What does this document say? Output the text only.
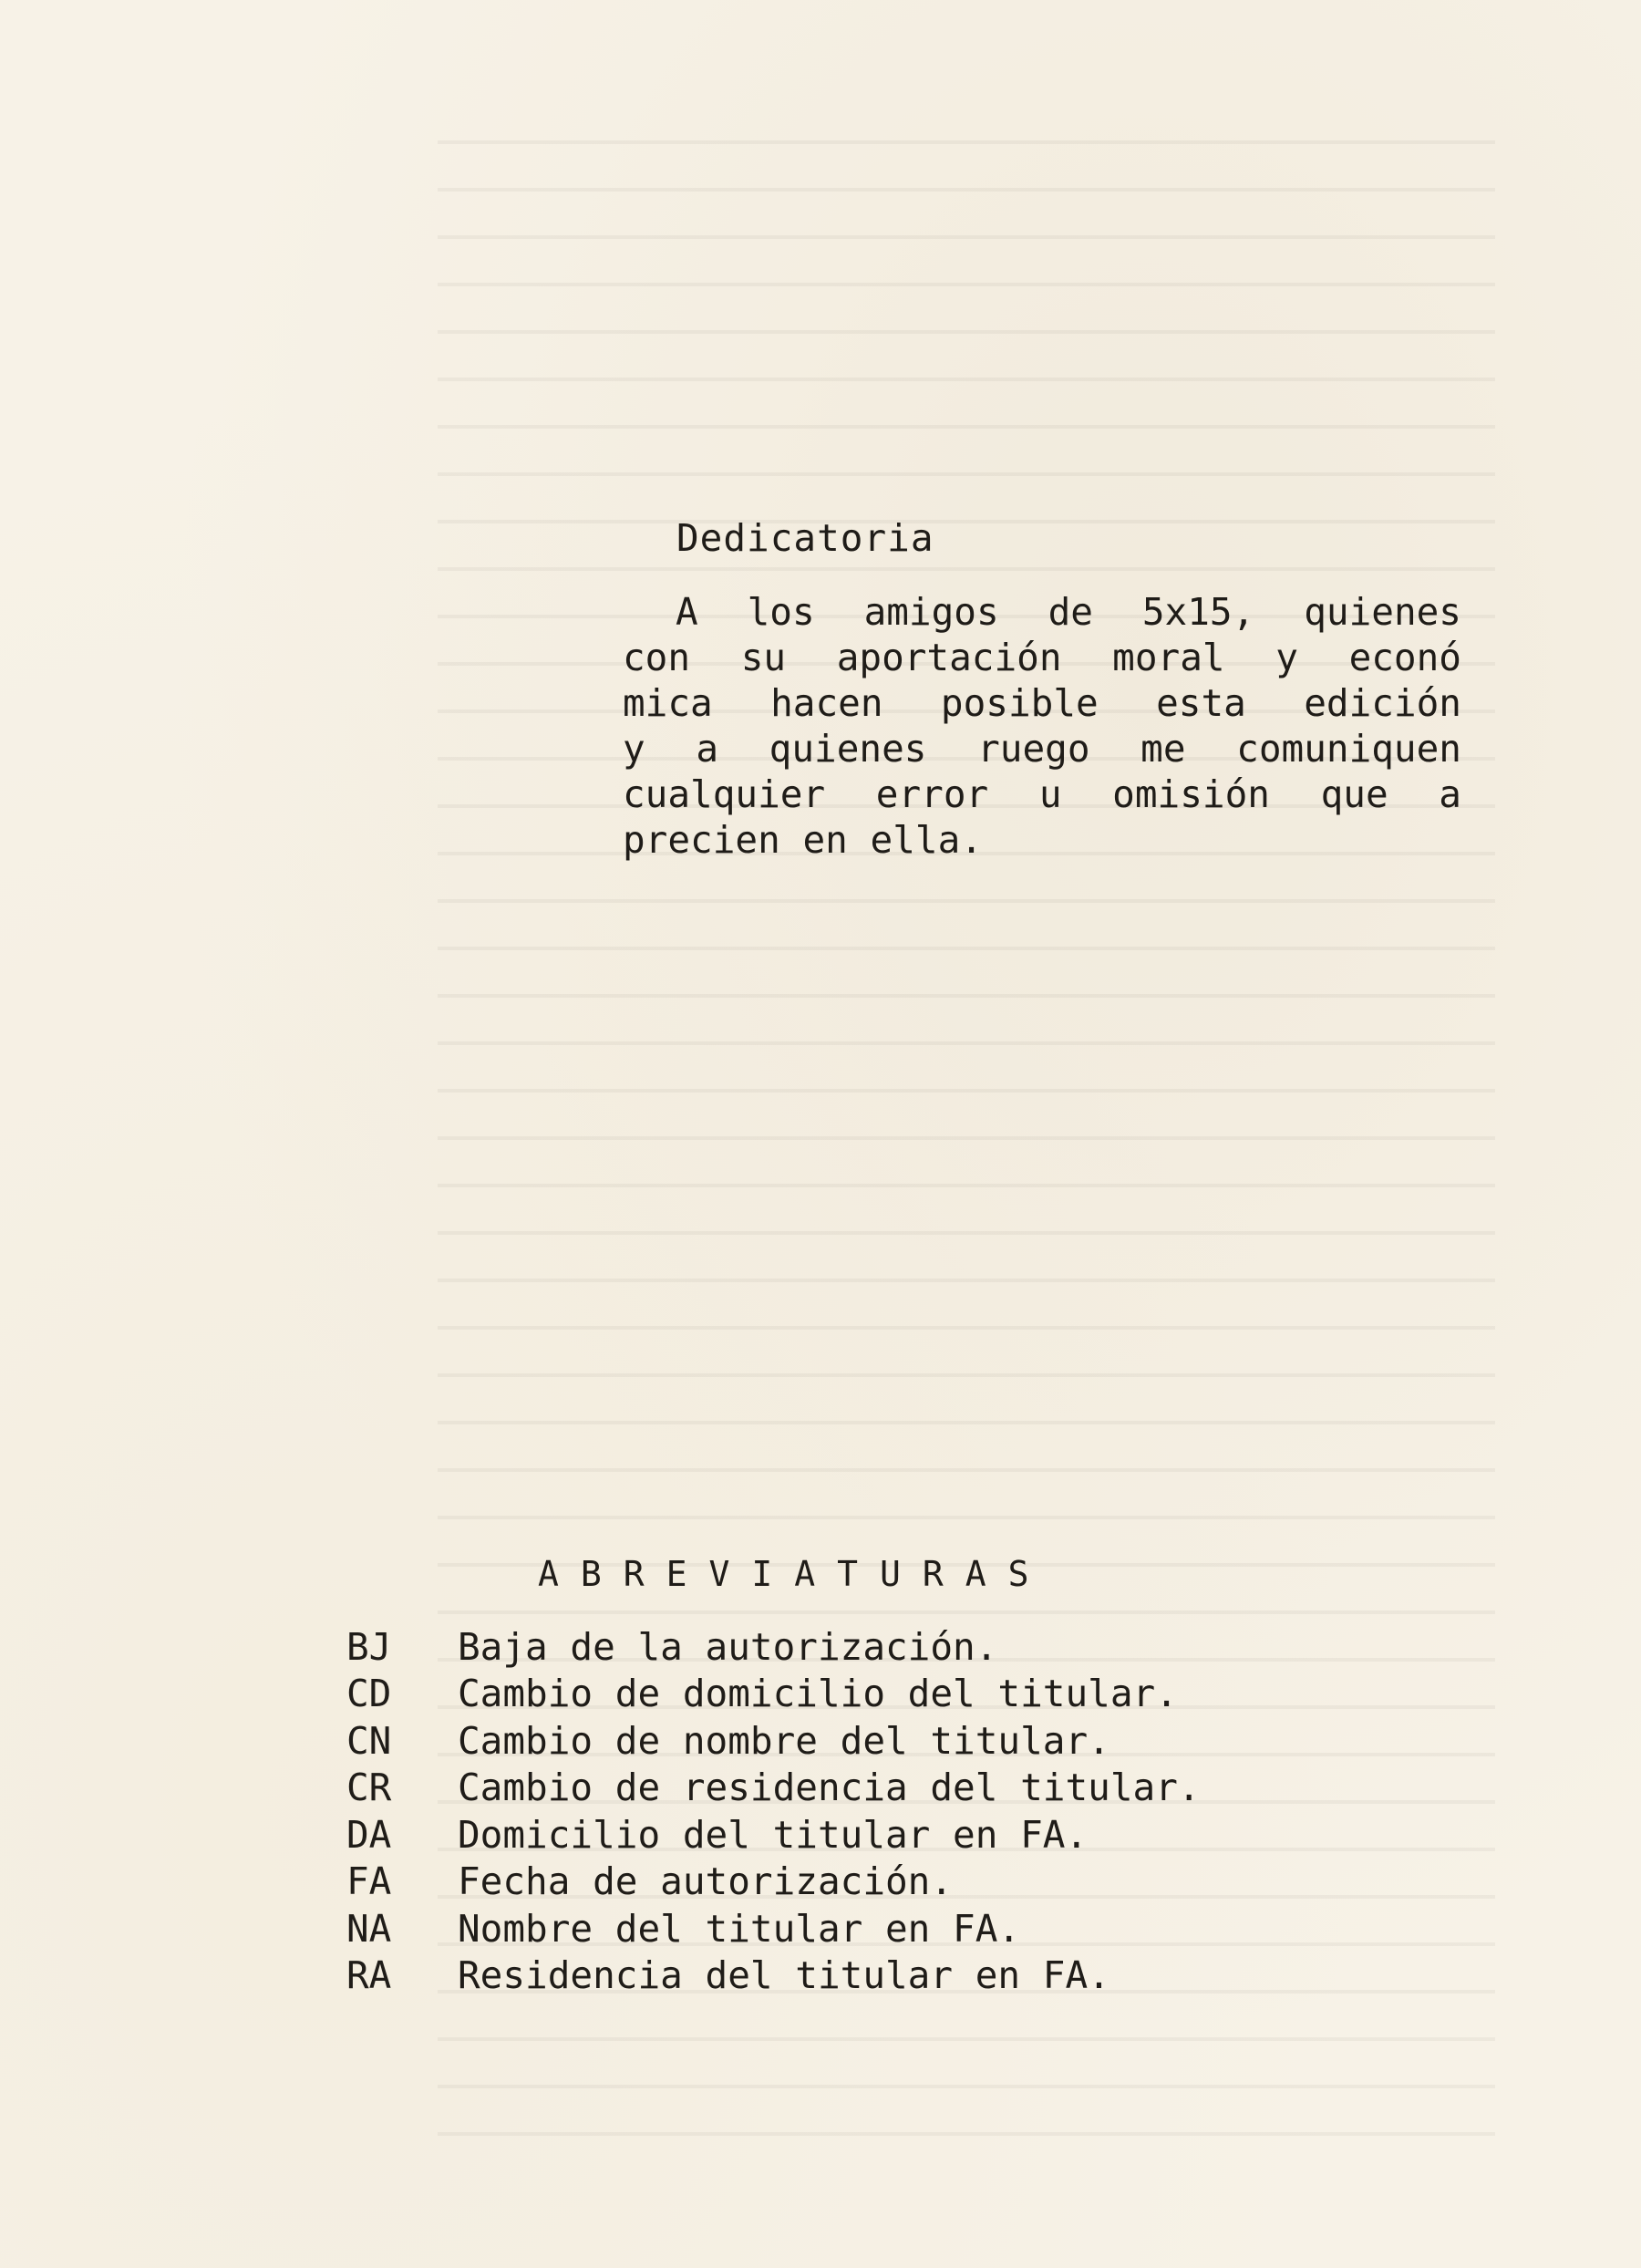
Dedicatoria
A los amigos de 5x15, quienes
con su aportación moral y econó
mica hacen posible esta edición
y a quienes ruego me comuniquen
cualquier error u omisión que a
precien en ella.
ABREVIATURAS
BJ	Baja de la autorización.
CD	Cambio de domicilio del titular.
CN	Cambio de nombre del titular.
CR	Cambio de residencia del titular.
DA	Domicilio del titular en FA.
FA	Fecha de autorización.
NA	Nombre del titular en FA.
RA	Residencia del titular en FA.
